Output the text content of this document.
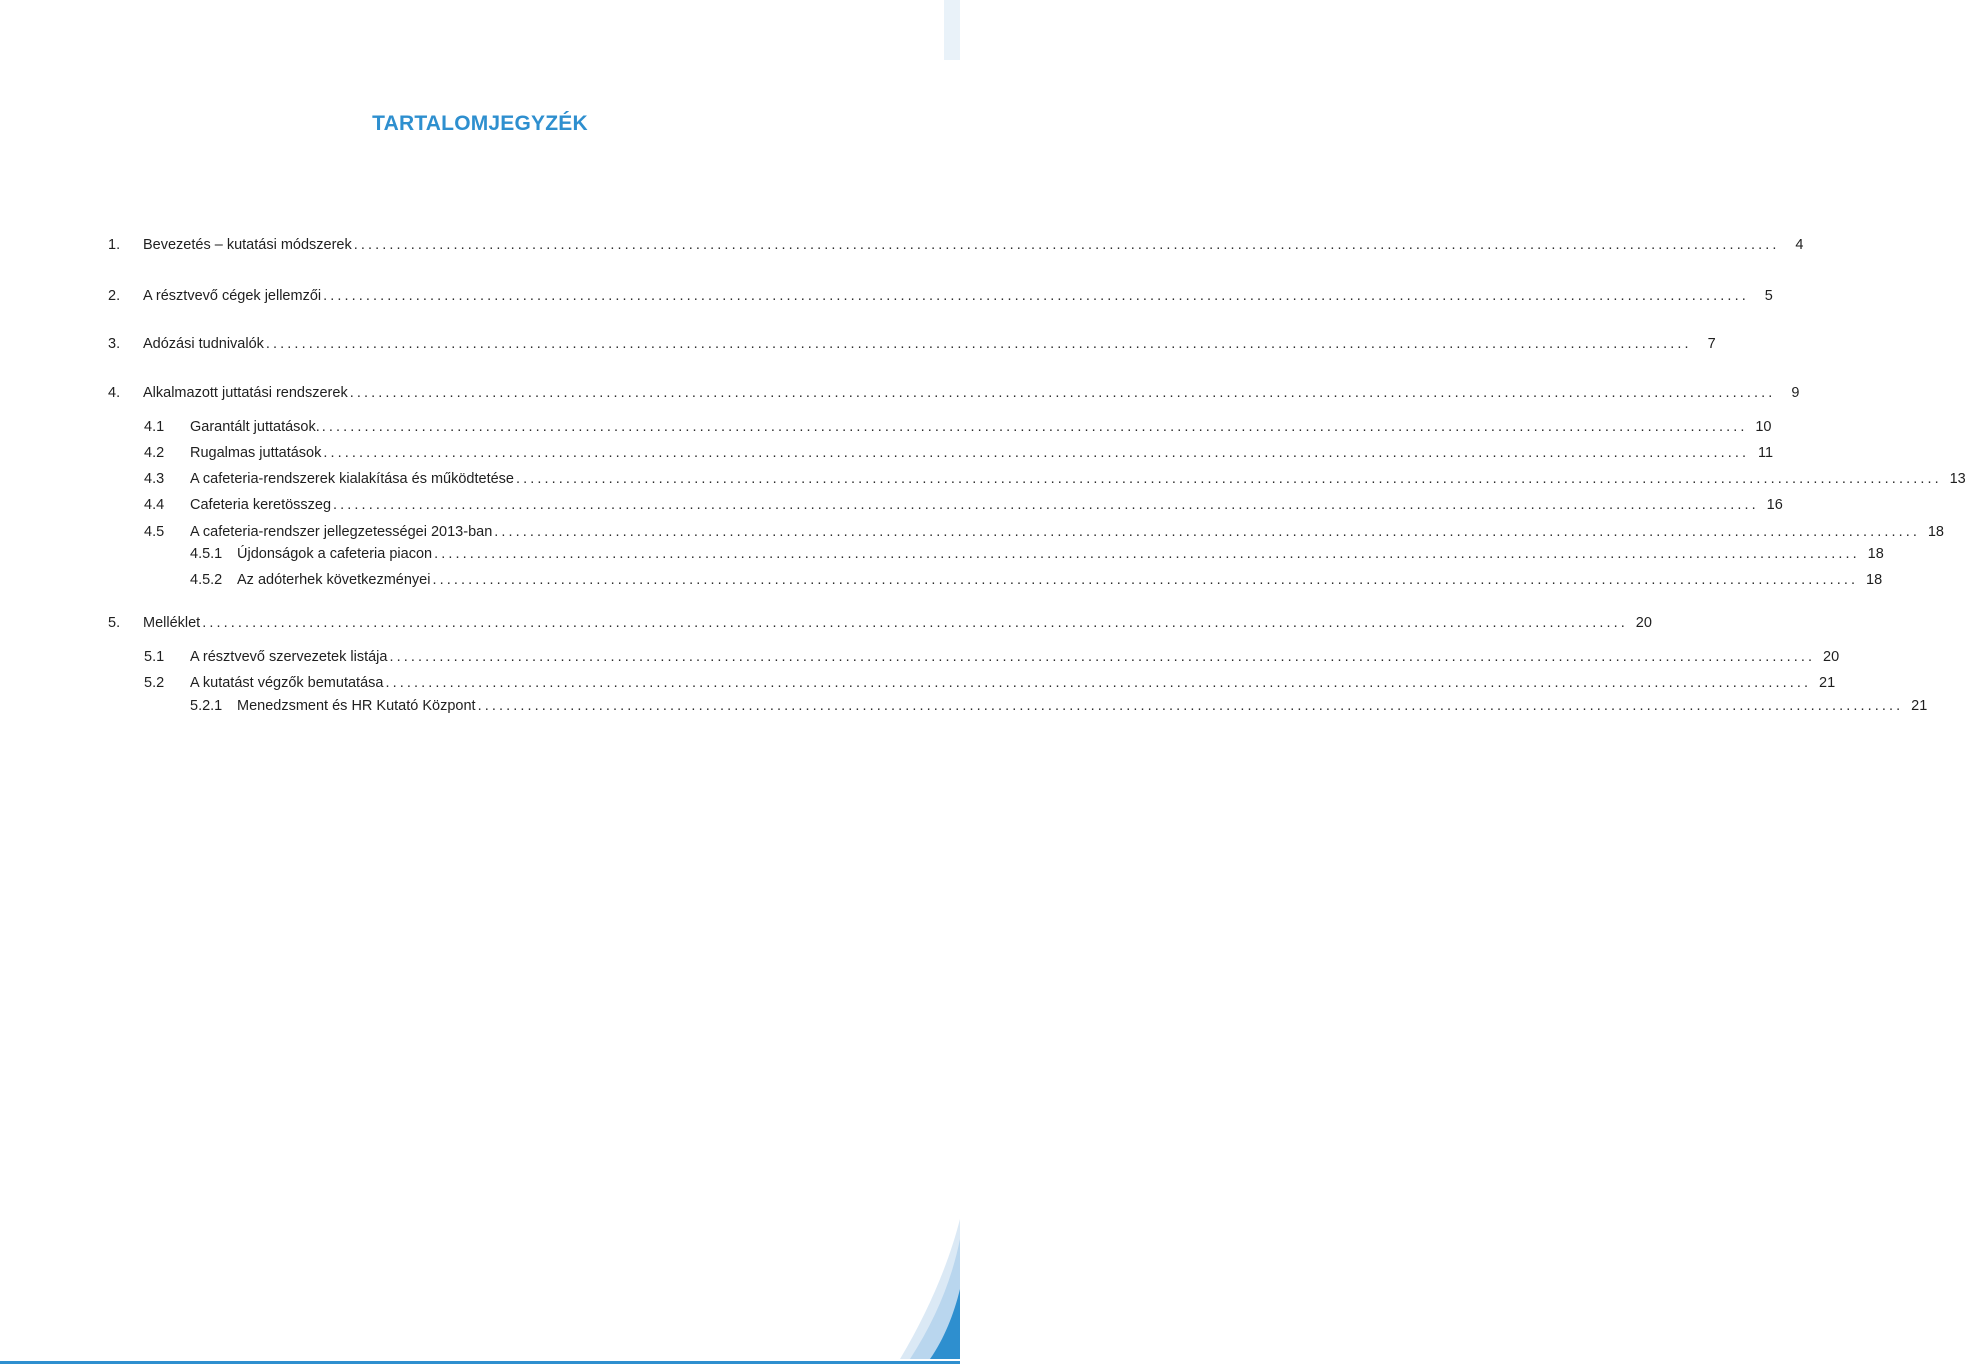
TARTALOMJEGYZÉK
1.	Bevezetés – kutatási módszerek ........................................................................................................................................................................................................	4
2.	A résztvevő cégek jellemzői ........................................................................................................................................................................................................	5
3.	Adózási tudnivalók ........................................................................................................................................................................................................	7
4.	Alkalmazott juttatási rendszerek ........................................................................................................................................................................................................	9
4.1	Garantált juttatások. ........................................................................................................................................................................................................ 10
4.2	Rugalmas juttatások ........................................................................................................................................................................................................ 11
4.3	A cafeteria-rendszerek kialakítása és működtetése ........................................................................................................................................................................................................ 13
4.4	Cafeteria keretösszeg ........................................................................................................................................................................................................ 16
4.5	A cafeteria-rendszer jellegzetességei 2013-ban ........................................................................................................................................................................................................ 18
4.5.1	Újdonságok a cafeteria piacon ........................................................................................................................................................................................................ 18
4.5.2	Az adóterhek következményei ........................................................................................................................................................................................................ 18
5.	Melléklet ........................................................................................................................................................................................................ 20
5.1	A résztvevő szervezetek listája ........................................................................................................................................................................................................ 20
5.2	A kutatást végzők bemutatása ........................................................................................................................................................................................................ 21
5.2.1	Menedzsment és HR Kutató Központ ........................................................................................................................................................................................................ 21
